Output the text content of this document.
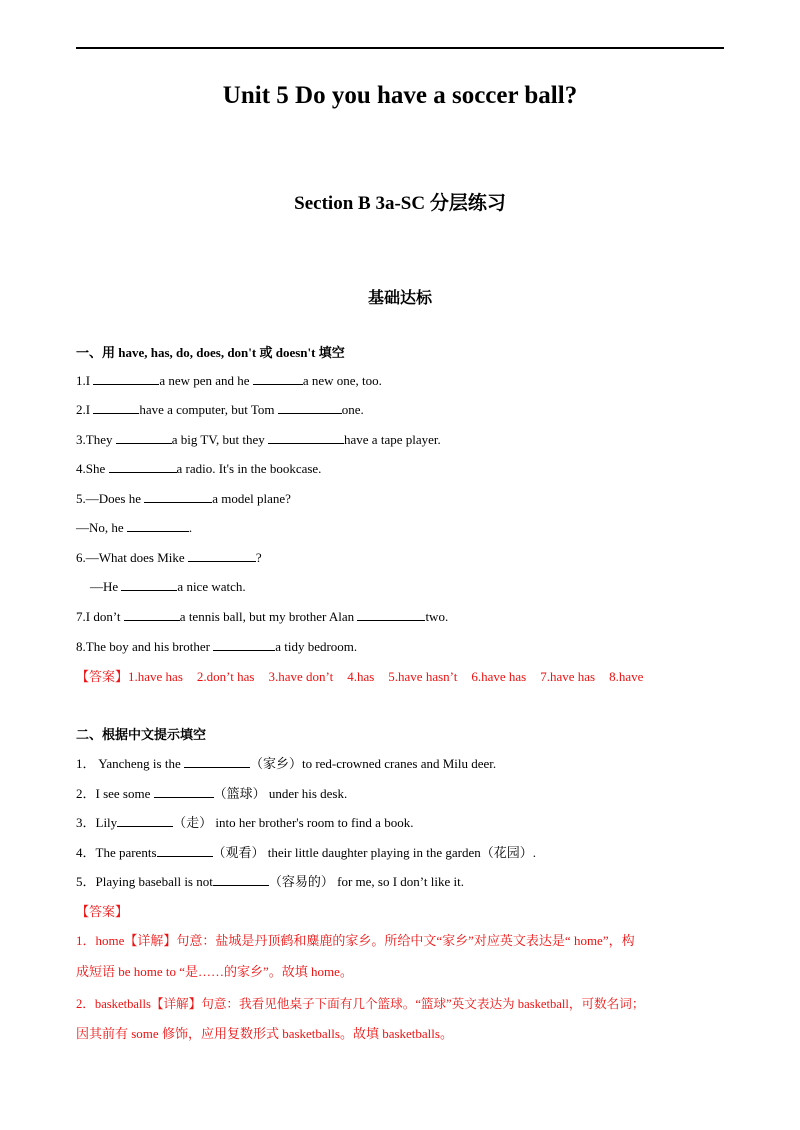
Unit 5 Do you have a soccer ball?
Section B 3a-SC 分层练习
基础达标
一、用 have, has, do, does, don't 或 doesn't 填空
1.I	a new pen and he	a new one, too.
2.I	have a computer, but Tom	one.
3.They	a big TV, but they	have a tape player.
4.She	a radio. It's in the bookcase.
5.—Does he	a model plane?
—No, he	.
6.—What does Mike	?
—He	a nice watch.
7.I don’t	a tennis ball, but my brother Alan	two.
8.The boy and his brother	a tidy bedroom.
【答案】1.have has 2.don’t has 3.have don’t 4.has 5.have hasn’t 6.have has 7.have has 8.have
二、根据中文提示填空
1． Yancheng is the	（家乡）to red-crowned cranes and Milu deer.
2．I see some	（篮球） under his desk.
3．Lily	（走） into her brother's room to find a book.
4．The parents	（观看） their little daughter playing in the garden（花园）.
5．Playing baseball is not	（容易的） for me, so I don’t like it.
【答案】
1．home【详解】句意：盐城是丹顶鹤和麋鹿的家乡。所给中文“家乡”对应英文表达是“ home”，构
成短语 be home to “是……的家乡”。故填 home。
2．basketballs【详解】句意：我看见他桌子下面有几个篮球。“篮球”英文表达为 basketball，可数名词；
因其前有 some 修饰，应用复数形式 basketballs。故填 basketballs。
